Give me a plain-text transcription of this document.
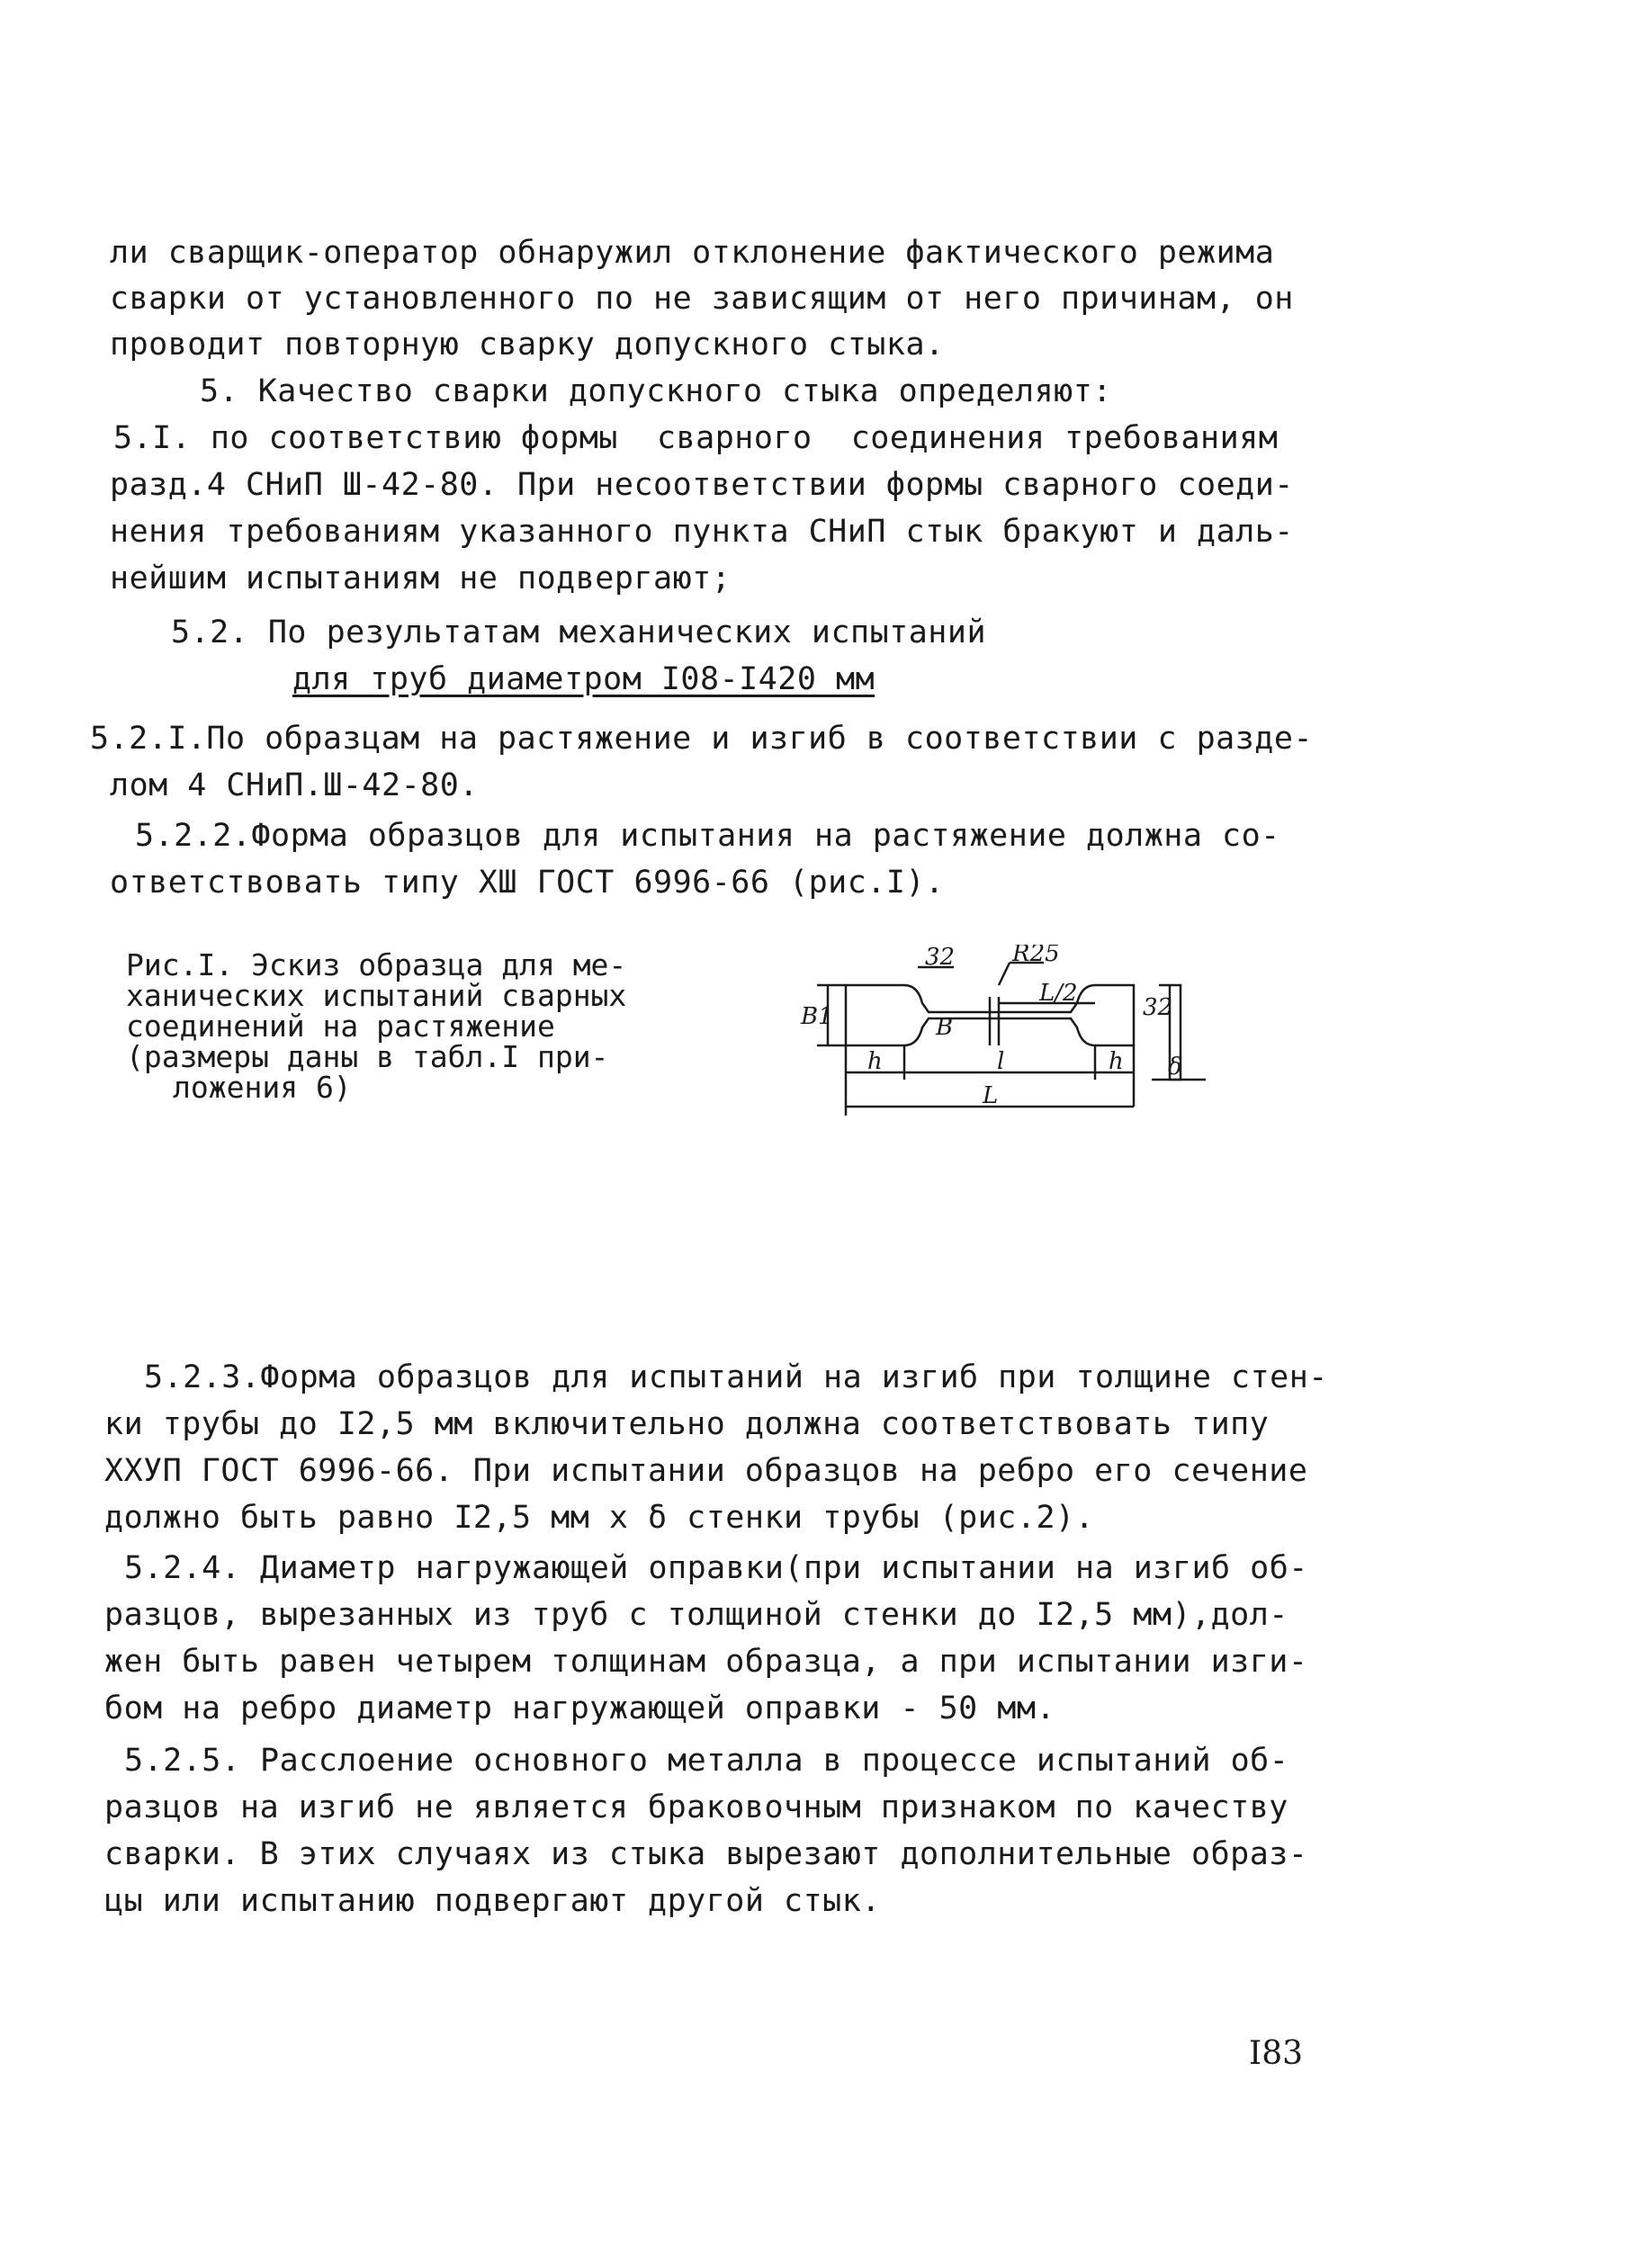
ли сварщик-оператор обнаружил отклонение фактического режима
сварки от установленного по не зависящим от него причинам, он
проводит повторную сварку допускного стыка.
5. Качество сварки допускного стыка определяют:
5.I. по соответствию формы  сварного  соединения требованиям
разд.4 СНиП Ш-42-80. При несоответствии формы сварного соеди-
нения требованиям указанного пункта СНиП стык бракуют и даль-
нейшим испытаниям не подвергают;
5.2. По результатам механических испытаний
для труб диаметром I08-I420 мм
5.2.I.По образцам на растяжение и изгиб в соответствии с разде-
лом 4 СНиП.Ш-42-80.
5.2.2.Форма образцов для испытания на растяжение должна со-
ответствовать типу ХШ ГОСТ 6996-66 (рис.I).
Рис.I. Эскиз образца для ме-
ханических испытаний сварных
соединений на растяжение
(размеры даны в табл.I при-
ложения 6)
32 R25
B1	B
L/2
h	l	h
L
32
δ
5.2.3.Форма образцов для испытаний на изгиб при толщине стен-
ки трубы до I2,5 мм включительно должна соответствовать типу
ХХУП ГОСТ 6996-66. При испытании образцов на ребро его сечение
должно быть равно I2,5 мм х δ стенки трубы (рис.2).
5.2.4. Диаметр нагружающей оправки(при испытании на изгиб об-
разцов, вырезанных из труб с толщиной стенки до I2,5 мм),дол-
жен быть равен четырем толщинам образца, а при испытании изги-
бом на ребро диаметр нагружающей оправки - 50 мм.
5.2.5. Расслоение основного металла в процессе испытаний об-
разцов на изгиб не является браковочным признаком по качеству
сварки. В этих случаях из стыка вырезают дополнительные образ-
цы или испытанию подвергают другой стык.
I83
